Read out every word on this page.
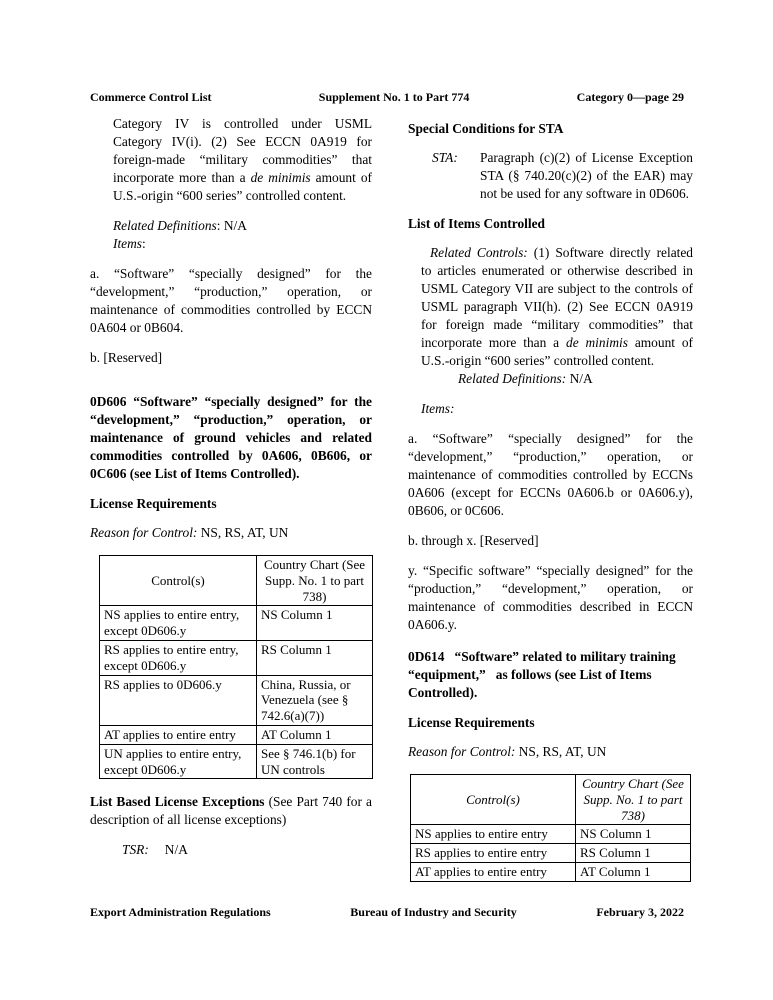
Commerce Control List	Supplement No. 1 to Part 774	Category 0—page 29
Category IV is controlled under USML Category IV(i). (2) See ECCN 0A919 for foreign-made “military commodities” that incorporate more than a de minimis amount of U.S.-origin “600 series” controlled content.
Related Definitions: N/A
Items:
a. “Software” “specially designed” for the “development,” “production,” operation, or maintenance of commodities controlled by ECCN 0A604 or 0B604.
b. [Reserved]
0D606 “Software” “specially designed” for the “development,” “production,” operation, or maintenance of ground vehicles and related commodities controlled by 0A606, 0B606, or 0C606 (see List of Items Controlled).
License Requirements
Reason for Control: NS, RS, AT, UN
Control(s)	Country Chart (See Supp. No. 1 to part 738)
NS applies to entire entry, except 0D606.y	NS Column 1
RS applies to entire entry, except 0D606.y	RS Column 1
RS applies to 0D606.y	China, Russia, or Venezuela (see § 742.6(a)(7))
AT applies to entire entry	AT Column 1
UN applies to entire entry, except 0D606.y	See § 746.1(b) for UN controls
List Based License Exceptions (See Part 740 for a description of all license exceptions)
TSR: N/A
Special Conditions for STA
STA: Paragraph (c)(2) of License Exception STA (§ 740.20(c)(2) of the EAR) may not be used for any software in 0D606.
List of Items Controlled
Related Controls: (1) Software directly related to articles enumerated or otherwise described in USML Category VII are subject to the controls of USML paragraph VII(h). (2) See ECCN 0A919 for foreign made “military commodities” that incorporate more than a de minimis amount of U.S.-origin “600 series” controlled content.
Related Definitions: N/A
Items:
a. “Software” “specially designed” for the “development,” “production,” operation, or maintenance of commodities controlled by ECCNs 0A606 (except for ECCNs 0A606.b or 0A606.y), 0B606, or 0C606.
b. through x. [Reserved]
y. “Specific software” “specially designed” for the “production,” “development,” operation, or maintenance of commodities described in ECCN 0A606.y.
0D614   “Software” related to military training “equipment,”   as follows (see List of Items Controlled).
License Requirements
Reason for Control: NS, RS, AT, UN
Control(s)	Country Chart (See Supp. No. 1 to part 738)
NS applies to entire entry	NS Column 1
RS applies to entire entry	RS Column 1
AT applies to entire entry	AT Column 1
Export Administration Regulations	Bureau of Industry and Security	February 3, 2022
